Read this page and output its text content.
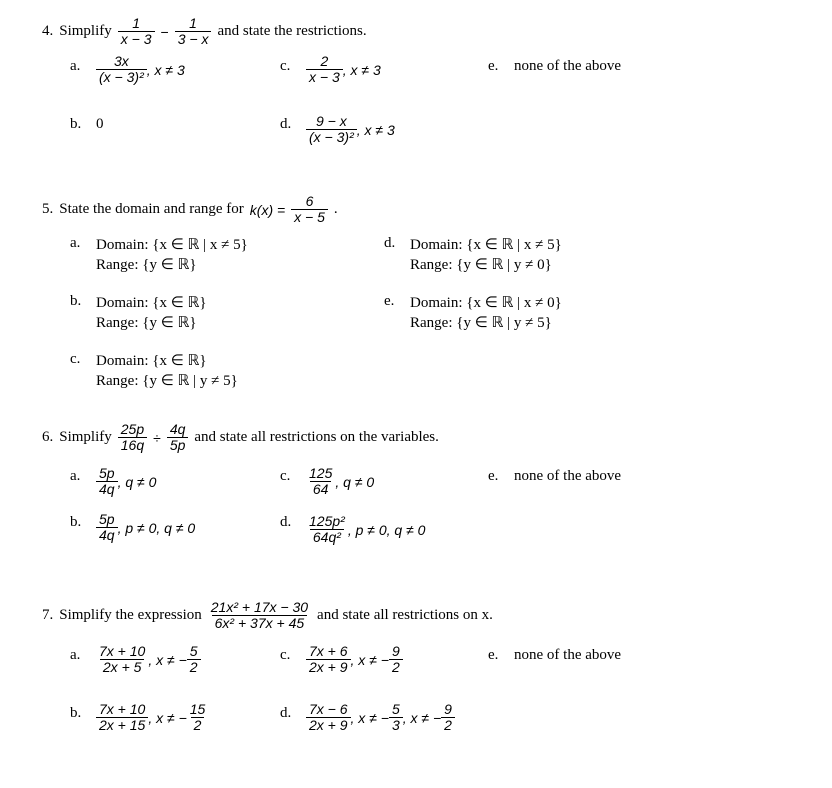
4. Simplify $\frac{1}{x - 3} - \frac{1}{3 - x}$ and state the restrictions.
a. $\frac{3x}{\text{(x − 3)²}}$ , x ≠ 3
b. 0
c. $\frac{2}{x - 3}$ , x ≠ 3
d. $\frac{9 - x}{\text{(x − 3)²}}$ , x ≠ 3
e. none of the above
5. State the domain and range for $k(x) = \frac{6}{x - 5}$ .
a. Domain: {x ∈ ℝ | x ≠ 5}
Range: {y ∈ ℝ}
b. Domain: {x ∈ ℝ}
Range: {y ∈ ℝ}
c. Domain: {x ∈ ℝ}
Range: {y ∈ ℝ | y ≠ 5}
d. Domain: {x ∈ ℝ | x ≠ 5}
Range: {y ∈ ℝ | y ≠ 0}
e. Domain: {x ∈ ℝ | x ≠ 0}
Range: {y ∈ ℝ | y ≠ 5}
6. Simplify $\frac{25p}{16q} \div \frac{4q}{5p}$ and state all restrictions on the variables.
a. $\frac{5p}{4q}$ , q ≠ 0
b. $\frac{5p}{4q}$ , p ≠ 0, q ≠ 0
c. $\frac{125}{64}$ , q ≠ 0
d. $\frac{\text{125p²}}{\text{64q²}}$ , p ≠ 0, q ≠ 0
e. none of the above
7. Simplify the expression $\frac{\text{21x² + 17x − 30}}{\text{6x² + 37x + 45}}$ and state all restrictions on x.
a. $\frac{7x + 10}{2x + 5}$ , x ≠ − $\frac{5}{2}$
b. $\frac{7x + 10}{2x + 15}$ , x ≠ − $\frac{15}{2}$
c. $\frac{7x + 6}{2x + 9}$ , x ≠ − $\frac{9}{2}$
d. $\frac{7x - 6}{2x + 9}$ , x ≠ − $\frac{5}{3}$ , x ≠ − $\frac{9}{2}$
e. none of the above
